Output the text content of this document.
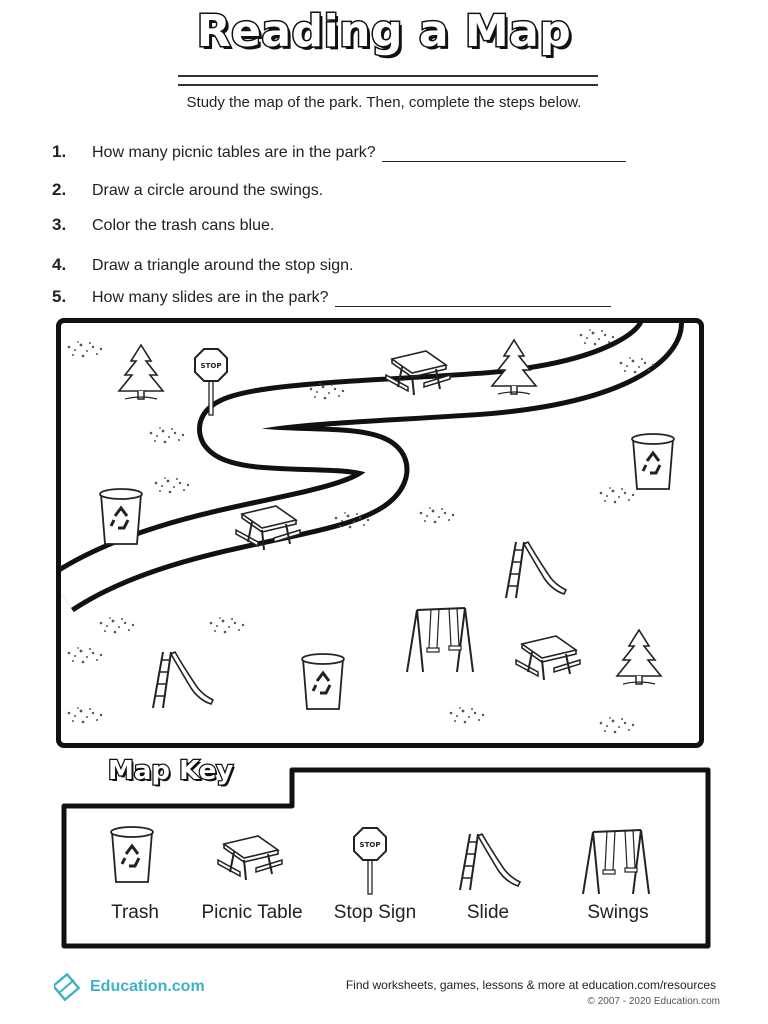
Reading a Map
Study the map of the park. Then, complete the steps below.
1. How many picnic tables are in the park?
2. Draw a circle around the swings.
3. Color the trash cans blue.
4. Draw a triangle around the stop sign.
5. How many slides are in the park?
STOP
STOP
Map Key
Trash	Picnic Table	Stop Sign	Slide	Swings
Education.com	Find worksheets, games, lessons & more at education.com/resources
© 2007 - 2020 Education.com
